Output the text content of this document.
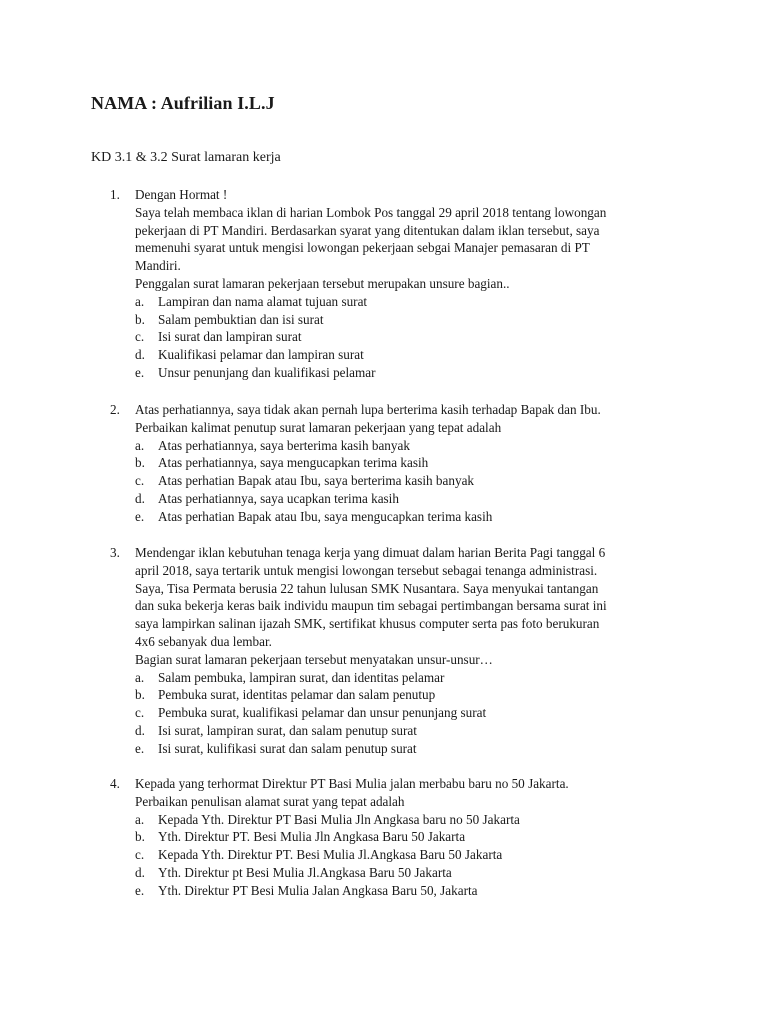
NAMA : Aufrilian I.L.J
KD 3.1 & 3.2 Surat lamaran kerja
1. Dengan Hormat !
Saya telah membaca iklan di harian Lombok Pos tanggal 29 april 2018 tentang lowongan
pekerjaan di PT Mandiri. Berdasarkan syarat yang ditentukan dalam iklan tersebut, saya
memenuhi syarat untuk mengisi lowongan pekerjaan sebgai Manajer pemasaran di PT
Mandiri.
Penggalan surat lamaran pekerjaan tersebut merupakan unsure bagian..
a. Lampiran dan nama alamat tujuan surat
b. Salam pembuktian dan isi surat
c. Isi surat dan lampiran surat
d. Kualifikasi pelamar dan lampiran surat
e. Unsur penunjang dan kualifikasi pelamar
2. Atas perhatiannya, saya tidak akan pernah lupa berterima kasih terhadap Bapak dan Ibu.
Perbaikan kalimat penutup surat lamaran pekerjaan yang tepat adalah
a. Atas perhatiannya, saya berterima kasih banyak
b. Atas perhatiannya, saya mengucapkan terima kasih
c. Atas perhatian Bapak atau Ibu, saya berterima kasih banyak
d. Atas perhatiannya, saya ucapkan terima kasih
e. Atas perhatian Bapak atau Ibu, saya mengucapkan terima kasih
3. Mendengar iklan kebutuhan tenaga kerja yang dimuat dalam harian Berita Pagi tanggal 6
april 2018, saya tertarik untuk mengisi lowongan tersebut sebagai tenanga administrasi.
Saya, Tisa Permata berusia 22 tahun lulusan SMK Nusantara. Saya menyukai tantangan
dan suka bekerja keras baik individu maupun tim sebagai pertimbangan bersama surat ini
saya lampirkan salinan ijazah SMK, sertifikat khusus computer serta pas foto berukuran
4x6 sebanyak dua lembar.
Bagian surat lamaran pekerjaan tersebut menyatakan unsur-unsur…
a. Salam pembuka, lampiran surat, dan identitas pelamar
b. Pembuka surat, identitas pelamar dan salam penutup
c. Pembuka surat, kualifikasi pelamar dan unsur penunjang surat
d. Isi surat, lampiran surat, dan salam penutup surat
e. Isi surat, kulifikasi surat dan salam penutup surat
4. Kepada yang terhormat Direktur PT Basi Mulia jalan merbabu baru no 50 Jakarta.
Perbaikan penulisan alamat surat yang tepat adalah
a. Kepada Yth. Direktur PT Basi Mulia Jln Angkasa baru no 50 Jakarta
b. Yth. Direktur PT. Besi Mulia Jln Angkasa Baru 50 Jakarta
c. Kepada Yth. Direktur PT. Besi Mulia Jl.Angkasa Baru 50 Jakarta
d. Yth. Direktur pt Besi Mulia Jl.Angkasa Baru 50 Jakarta
e. Yth. Direktur PT Besi Mulia Jalan Angkasa Baru 50, Jakarta
